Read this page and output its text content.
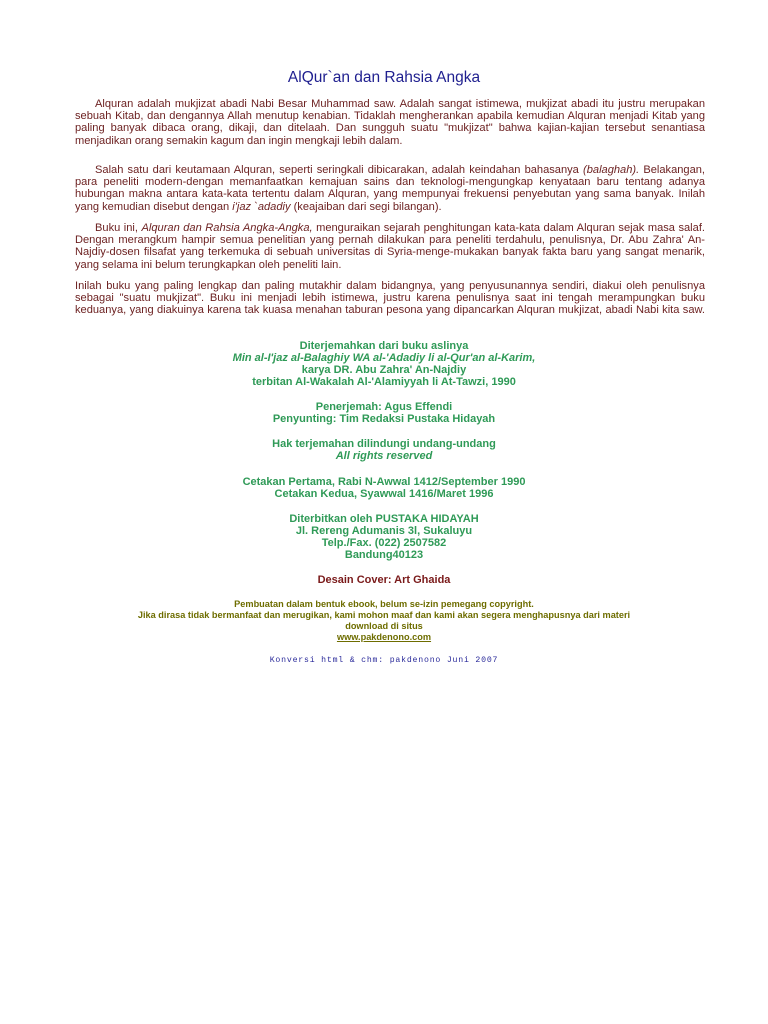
AlQur`an dan Rahsia Angka

Alquran adalah mukjizat abadi Nabi Besar Muhammad saw. Adalah sangat istimewa, mukjizat abadi itu justru merupakan sebuah Kitab, dan dengannya Allah menutup kenabian. Tidaklah mengherankan apabila kemudian Alquran menjadi Kitab yang paling banyak dibaca orang, dikaji, dan ditelaah. Dan sungguh suatu "mukjizat" bahwa kajian-kajian tersebut senantiasa menjadikan orang semakin kagum dan ingin mengkaji lebih dalam.

Salah satu dari keutamaan Alquran, seperti seringkali dibicarakan, adalah keindahan bahasanya (balaghah). Belakangan, para peneliti modern-dengan memanfaatkan kemajuan sains dan teknologi-mengungkap kenyataan baru tentang adanya hubungan makna antara kata-kata tertentu dalam Alquran, yang mempunyai frekuensi penyebutan yang sama banyak. Inilah yang kemudian disebut dengan i'jaz `adadiy (keajaiban dari segi bilangan).

Buku ini, Alquran dan Rahsia Angka-Angka, menguraikan sejarah penghitungan kata-kata dalam Alquran sejak masa salaf. Dengan merangkum hampir semua penelitian yang pernah dilakukan para peneliti terdahulu, penulisnya, Dr. Abu Zahra' An-Najdiy-dosen filsafat yang terkemuka di sebuah universitas di Syria-menge-mukakan banyak fakta baru yang sangat menarik, yang selama ini belum terungkapkan oleh peneliti lain.

Inilah buku yang paling lengkap dan paling mutakhir dalam bidangnya, yang penyusunannya sendiri, diakui oleh penulisnya sebagai "suatu mukjizat". Buku ini menjadi lebih istimewa, justru karena penulisnya saat ini tengah merampungkan buku keduanya, yang diakuinya karena tak kuasa menahan taburan pesona yang dipancarkan Alquran mukjizat, abadi Nabi kita saw.

Diterjemahkan dari buku aslinya

Min al-I'jaz al-Balaghiy WA al-'Adadiy li al-Qur'an al-Karim,

karya DR. Abu Zahra' An-Najdiy

terbitan Al-Wakalah Al-'Alamiyyah li At-Tawzi, 1990

Penerjemah: Agus Effendi

Penyunting: Tim Redaksi Pustaka Hidayah

Hak terjemahan dilindungi undang-undang

All rights reserved

Cetakan Pertama, Rabi N-Awwal 1412/September 1990

Cetakan Kedua, Syawwal 1416/Maret 1996

Diterbitkan oleh PUSTAKA HIDAYAH

Jl. Rereng Adumanis 3l, Sukaluyu

Telp./Fax. (022) 2507582

Bandung40123

Desain Cover: Art Ghaida

Pembuatan dalam bentuk ebook, belum se-izin pemegang copyright.

Jika dirasa tidak bermanfaat dan merugikan, kami mohon maaf dan kami akan segera menghapusnya dari materi

download di situs

www.pakdenono.com

Konversi html & chm: pakdenono Juni 2007
